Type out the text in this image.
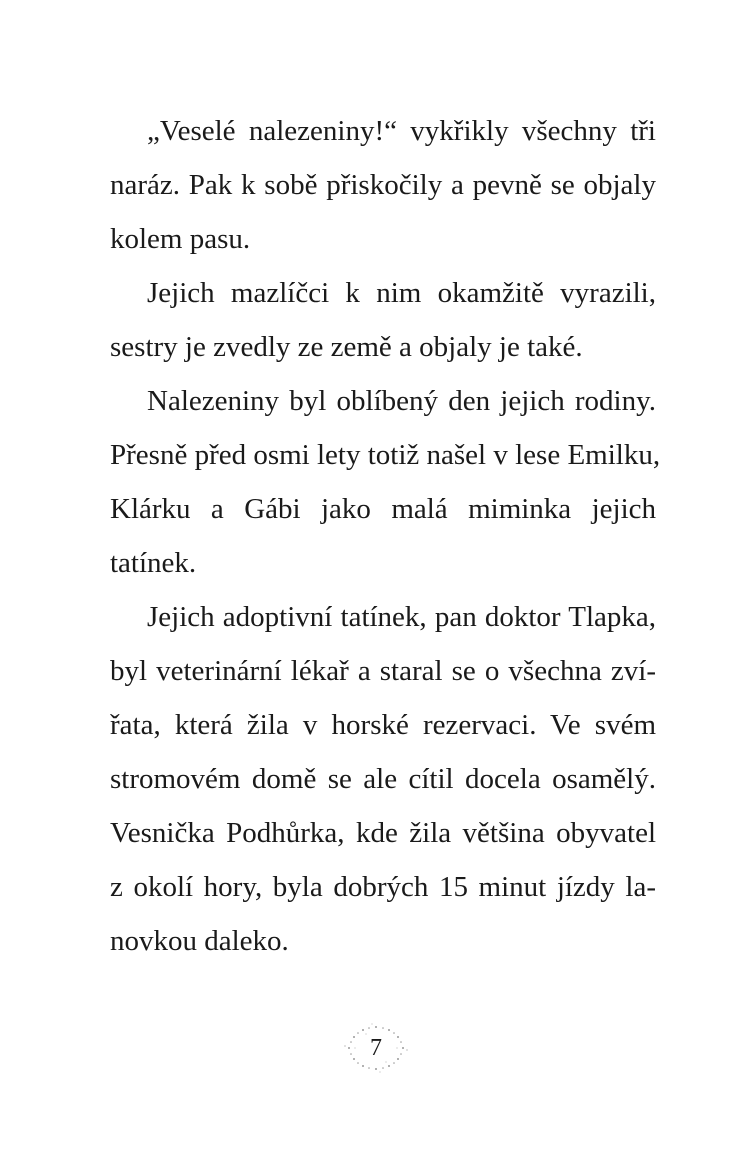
„Veselé nalezeniny!“ vykřikly všechny tři
naráz. Pak k sobě přiskočily a pevně se objaly
kolem pasu.
Jejich mazlíčci k nim okamžitě vyrazili,
sestry je zvedly ze země a objaly je také.
Nalezeniny byl oblíbený den jejich rodiny.
Přesně před osmi lety totiž našel v lese Emilku,
Klárku a Gábi jako malá miminka jejich
tatínek.
Jejich adoptivní tatínek, pan doktor Tlapka,
byl veterinární lékař a staral se o všechna zví-
řata, která žila v horské rezervaci. Ve svém
stromovém domě se ale cítil docela osamělý.
Vesnička Podhůrka, kde žila většina obyvatel
z okolí hory, byla dobrých 15 minut jízdy la-
novkou daleko.
7
